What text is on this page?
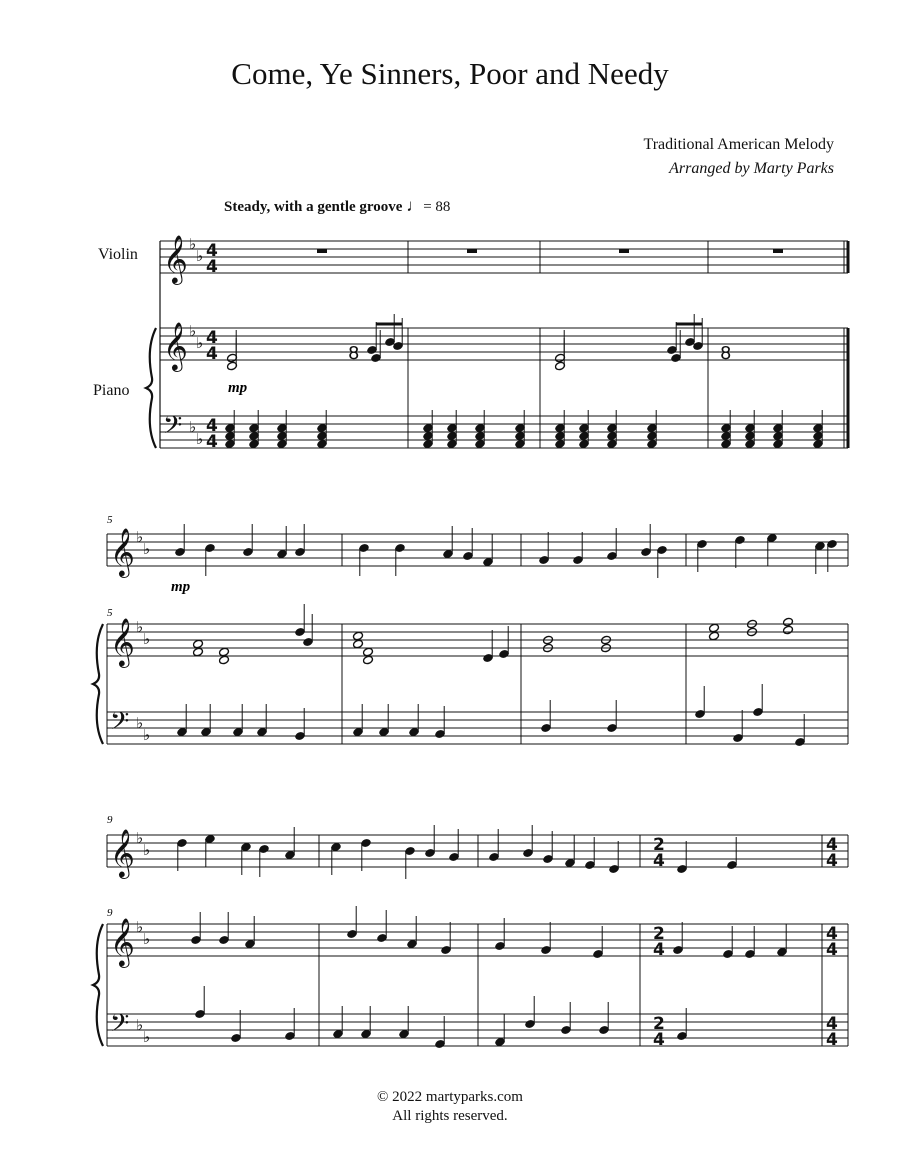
Come, Ye Sinners, Poor and Needy
Traditional American Melody
Arranged by Marty Parks
Steady, with a gentle groove ♩= 88
Violin
Piano
𝄞 ♭
♭ 4
4
𝄞 ♭
♭ 4
4
𝄢 ♭
♭
4
4
8	8
𝄞 ♭
♭
𝄞 ♭
♭
𝄢 ♭
♭
𝄞 ♭
♭
𝄞 ♭
♭
𝄢 ♭
♭
2
4
2
4
2
4
4
4
4
4
4
4
5
5
9
9
mp
mp
© 2022 martyparks.com
All rights reserved.
